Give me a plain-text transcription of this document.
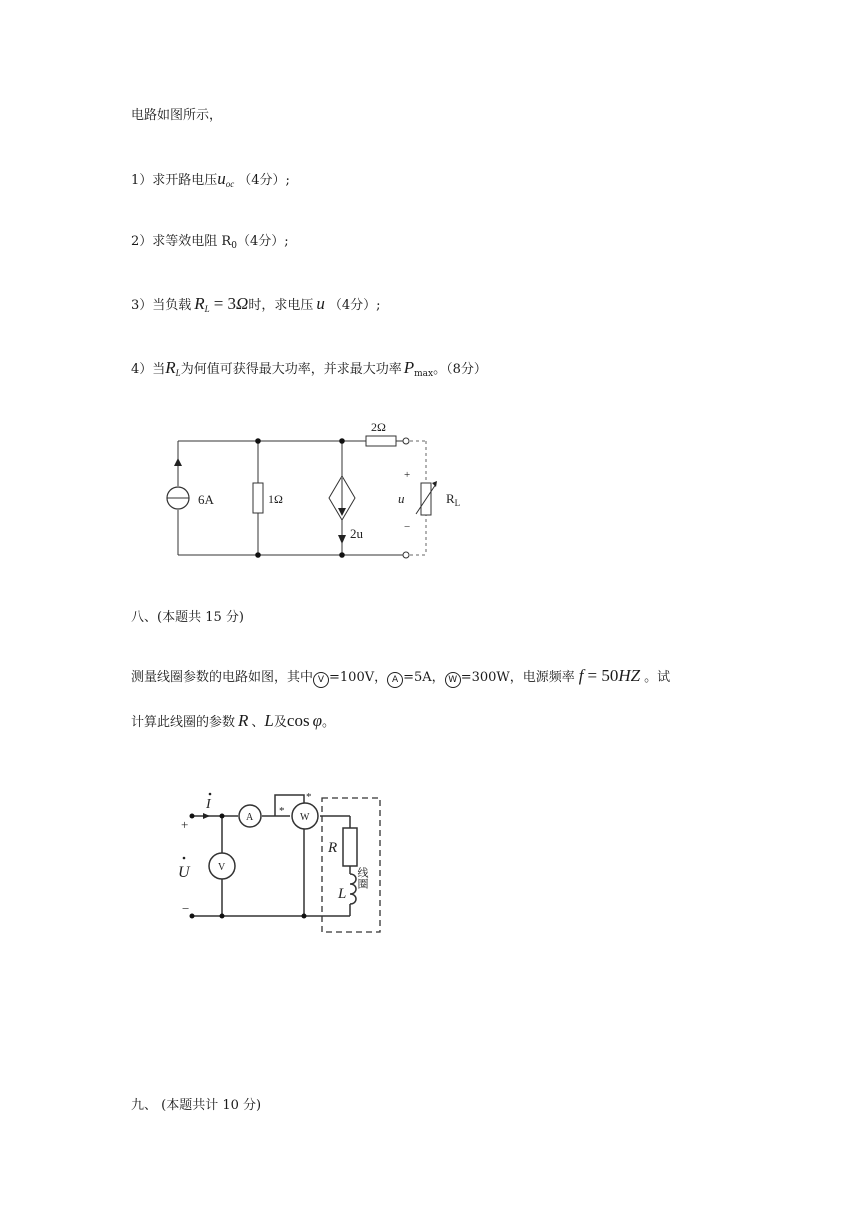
电路如图所示，
1）求开路电压$u_{oc}$ （4分）;
2）求等效电阻 $R_0(4$分）;
3）当负载 $R_L = 3\Omega$时，求电压 u （4分）;
4）当$R_L$为何值可获得最大功率，并求最大功率 $P_{max}$。（8分）
6A	1Ω
2u
2Ω
+
u
−
$R_L$
八、(本题共 15 分)
测量线圈参数的电路如图，其中 V =100V， A =5A， W =300W，电源频率 f = 50HZ 。试
计算此线圈的参数 R 、L及cos φ。
A
V
W
*
*
I
+
−
U
R
L
线圈
九、 (本题共计 10 分)
